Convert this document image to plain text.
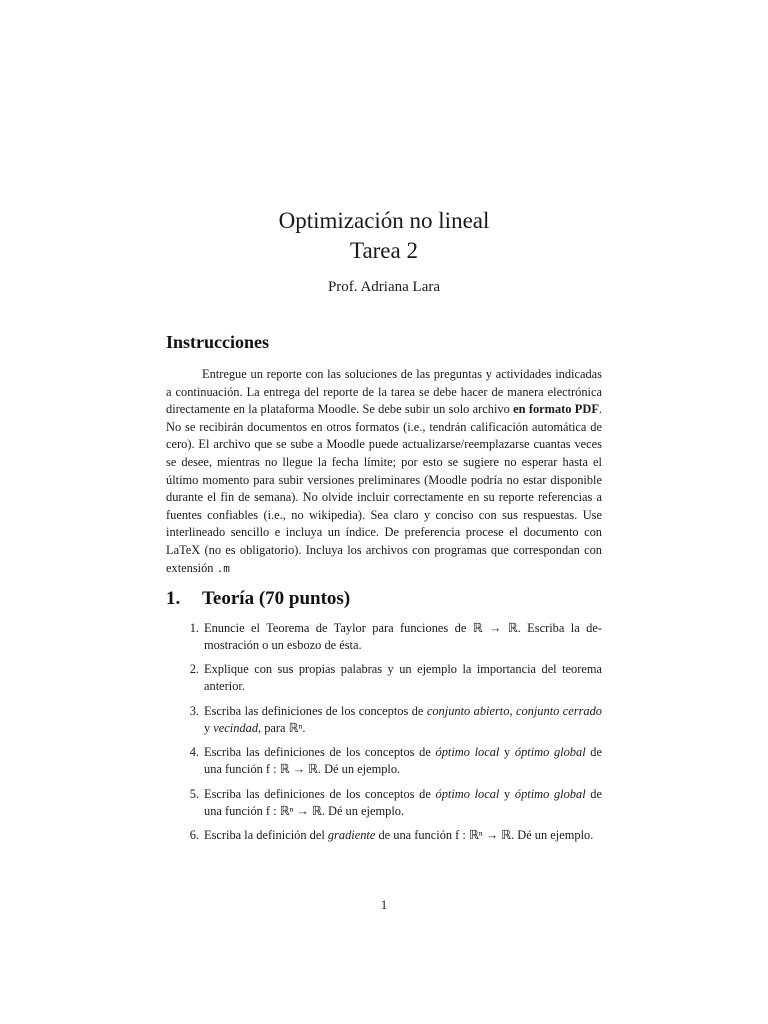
Optimización no lineal
Tarea 2
Prof. Adriana Lara
Instrucciones
Entregue un reporte con las soluciones de las preguntas y actividades indicadas a continuación. La entrega del reporte de la tarea se debe hacer de manera electrónica directamente en la plataforma Moodle. Se debe subir un solo archivo en formato PDF. No se recibirán documentos en otros formatos (i.e., tendrán calificación automática de cero). El archivo que se sube a Moodle puede actualizarse/reemplazarse cuantas veces se desee, mientras no llegue la fecha límite; por esto se sugiere no esperar hasta el último momento para subir versiones preliminares (Moodle podría no estar disponible durante el fin de semana). No olvide incluir correctamente en su reporte referencias a fuentes confiables (i.e., no wikipedia). Sea claro y conciso con sus respuestas. Use interlineado sencillo e incluya un índice. De preferencia procese el documento con LaTeX (no es obligatorio). Incluya los archivos con programas que correspondan con extensión .m
1.	Teoría (70 puntos)
1. Enuncie el Teorema de Taylor para funciones de ℝ → ℝ. Escriba la demostración o un esbozo de ésta.
2. Explique con sus propias palabras y un ejemplo la importancia del teorema anterior.
3. Escriba las definiciones de los conceptos de conjunto abierto, conjunto cerrado y vecindad, para ℝⁿ.
4. Escriba las definiciones de los conceptos de óptimo local y óptimo global de una función f : ℝ → ℝ. Dé un ejemplo.
5. Escriba las definiciones de los conceptos de óptimo local y óptimo global de una función f : ℝⁿ → ℝ. Dé un ejemplo.
6. Escriba la definición del gradiente de una función f : ℝⁿ → ℝ. Dé un ejemplo.
1
